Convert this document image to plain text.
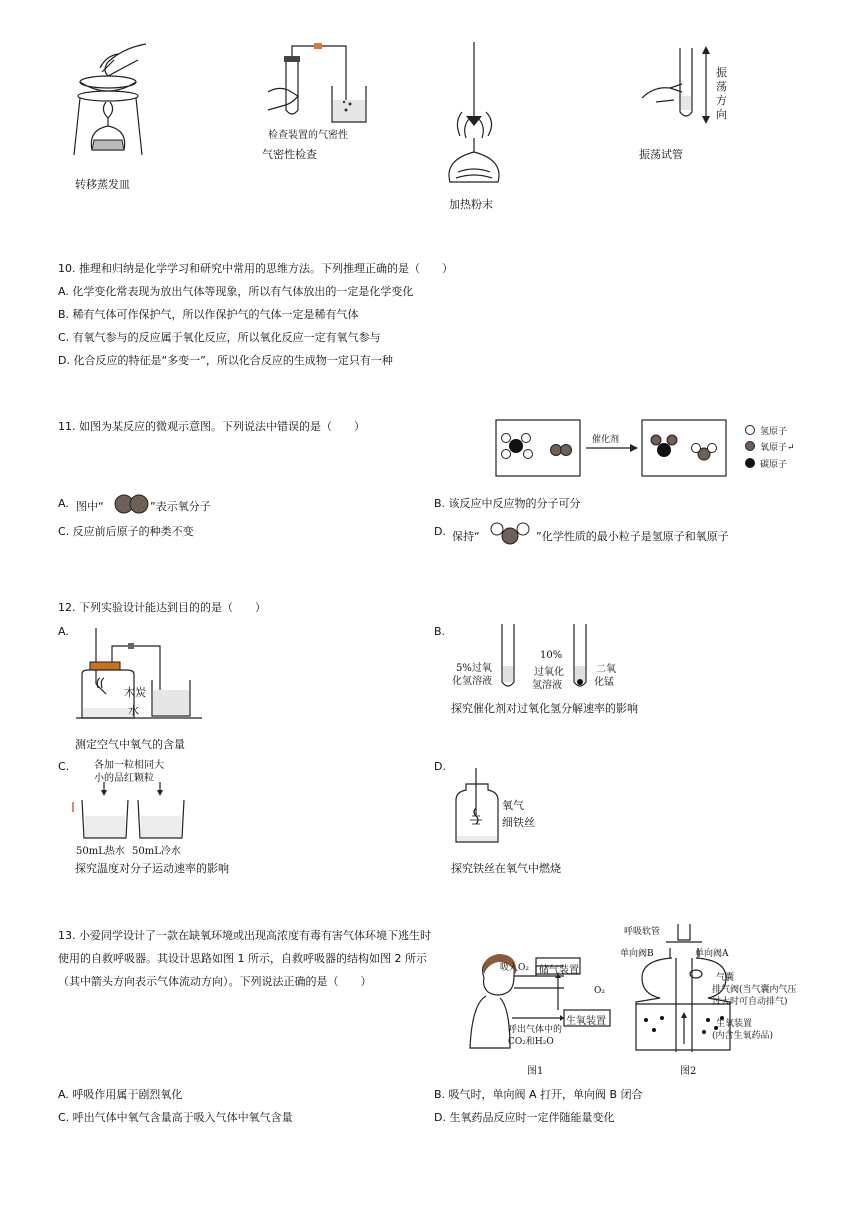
转移蒸发皿
检查装置的气密性
气密性检查
加热粉末
振
荡
方
向
振荡试管
10. 推理和归纳是化学学习和研究中常用的思维方法。下列推理正确的是（　　）
A. 化学变化常表现为放出气体等现象，所以有气体放出的一定是化学变化
B. 稀有气体可作保护气，所以作保护气的气体一定是稀有气体
C. 有氧气参与的反应属于氧化反应，所以氧化反应一定有氧气参与
D. 化合反应的特征是“多变一”，所以化合反应的生成物一定只有一种
11. 如图为某反应的微观示意图。下列说法中错误的是（　　）
催化剂
氢原子
氧原子↵
碳原子
A. 图中“	”表示氧分子	B. 该反应中反应物的分子可分
C. 反应前后原子的种类不变	D. 保持“	”化学性质的最小粒子是氢原子和氧原子
12. 下列实验设计能达到目的的是（　　）
A.
木炭
水
测定空气中氧气的含量
B.
5%过氧
化氢溶液
10%
过氧化
氢溶液
二氧
化锰
探究催化剂对过氧化氢分解速率的影响
C. 各加一粒相同大
小的品红颗粒
50mL热水 50mL冷水
探究温度对分子运动速率的影响
D.
氧气
细铁丝
探究铁丝在氧气中燃烧
13. 小爱同学设计了一款在缺氧环境或出现高浓度有毒有害气体环境下逃生时
使用的自救呼吸器。其设计思路如图 1 所示，自救呼吸器的结构如图 2 所示
（其中箭头方向表示气体流动方向）。下列说法正确的是（　　）
吸入O₂ 储气装置
O₂
呼出气体中的
CO₂和H₂O
生氧装置
图1
呼吸软管
单向阀B	单向阀A
气囊
排气阀(当气囊内气压
过大时可自动排气)
生氧装置
(内含生氧药品)
图2
A. 呼吸作用属于剧烈氧化	B. 吸气时，单向阀 A 打开，单向阀 B 闭合
C. 呼出气体中氧气含量高于吸入气体中氧气含量	D. 生氧药品反应时一定伴随能量变化
